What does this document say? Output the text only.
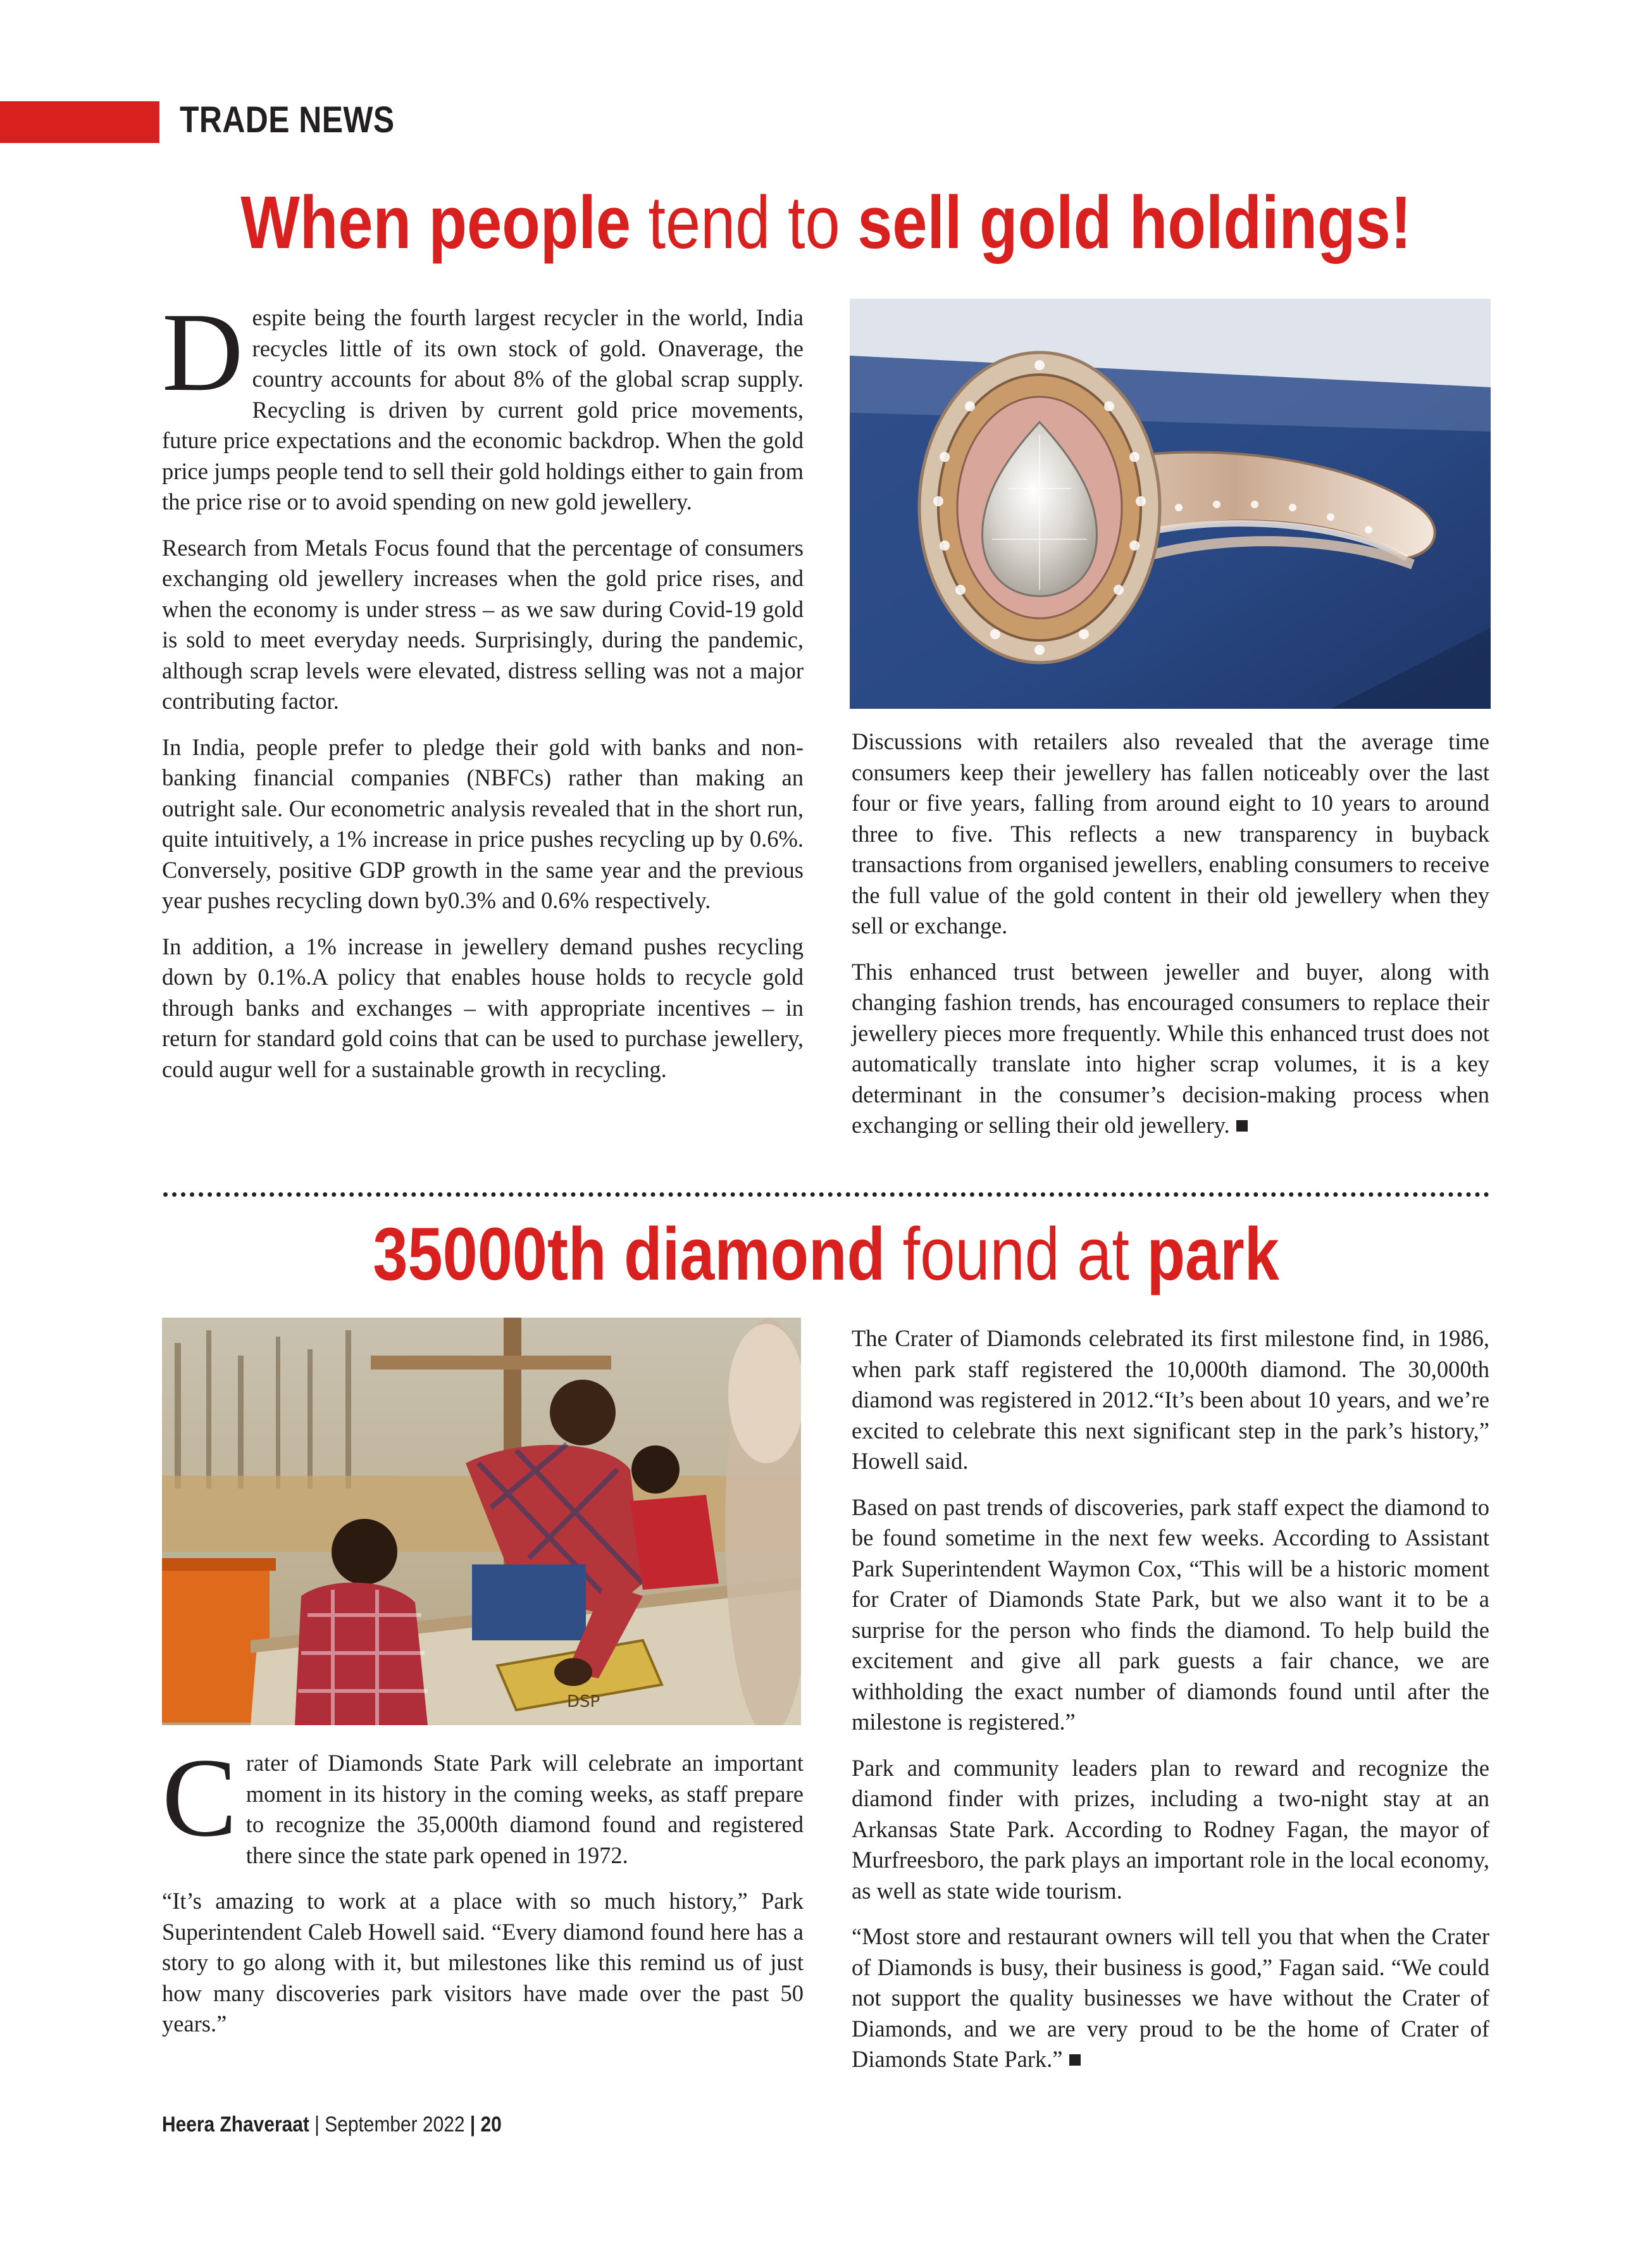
TRADE NEWS
When people tend to sell gold holdings!

Despite being the fourth largest recycler in the world, India recycles little of its own stock of gold. Onaverage, the country accounts for about 8% of the global scrap supply. Recycling is driven by current gold price movements, future price expectations and the economic backdrop. When the gold price jumps people tend to sell their gold holdings either to gain from the price rise or to avoid spending on new gold jewellery.

Research from Metals Focus found that the percentage of consumers exchanging old jewellery increases when the gold price rises, and when the economy is under stress – as we saw during Covid-19 gold is sold to meet everyday needs. Surprisingly, during the pandemic, although scrap levels were elevated, distress selling was not a major contributing factor.

In India, people prefer to pledge their gold with banks and non-banking financial companies (NBFCs) rather than making an outright sale. Our econometric analysis revealed that in the short run, quite intuitively, a 1% increase in price pushes recycling up by 0.6%. Conversely, positive GDP growth in the same year and the previous year pushes recycling down by0.3% and 0.6% respectively.

In addition, a 1% increase in jewellery demand pushes recycling down by 0.1%.A policy that enables house holds to recycle gold through banks and exchanges – with appropriate incentives – in return for standard gold coins that can be used to purchase jewellery, could augur well for a sustainable growth in recycling.

Discussions with retailers also revealed that the average time consumers keep their jewellery has fallen noticeably over the last four or five years, falling from around eight to 10 years to around three to five. This reflects a new transparency in buyback transactions from organised jewellers, enabling consumers to receive the full value of the gold content in their old jewellery when they sell or exchange.

This enhanced trust between jeweller and buyer, along with changing fashion trends, has encouraged consumers to replace their jewellery pieces more frequently. While this enhanced trust does not automatically translate into higher scrap volumes, it is a key determinant in the consumer’s decision-making process when exchanging or selling their old jewellery.

35000th diamond found at park
DSP

Crater of Diamonds State Park will celebrate an important moment in its history in the coming weeks, as staff prepare to recognize the 35,000th diamond found and registered there since the state park opened in 1972.

“It’s amazing to work at a place with so much history,” Park Superintendent Caleb Howell said. “Every diamond found here has a story to go along with it, but milestones like this remind us of just how many discoveries park visitors have made over the past 50 years.”

The Crater of Diamonds celebrated its first milestone find, in 1986, when park staff registered the 10,000th diamond. The 30,000th diamond was registered in 2012.“It’s been about 10 years, and we’re excited to celebrate this next significant step in the park’s history,” Howell said.

Based on past trends of discoveries, park staff expect the diamond to be found sometime in the next few weeks. According to Assistant Park Superintendent Waymon Cox, “This will be a historic moment for Crater of Diamonds State Park, but we also want it to be a surprise for the person who finds the diamond. To help build the excitement and give all park guests a fair chance, we are withholding the exact number of diamonds found until after the milestone is registered.”

Park and community leaders plan to reward and recognize the diamond finder with prizes, including a two-night stay at an Arkansas State Park. According to Rodney Fagan, the mayor of Murfreesboro, the park plays an important role in the local economy, as well as state wide tourism.

“Most store and restaurant owners will tell you that when the Crater of Diamonds is busy, their business is good,” Fagan said. “We could not support the quality businesses we have without the Crater of Diamonds, and we are very proud to be the home of Crater of Diamonds State Park.”

Heera Zhaveraat | September 2022 | 20
